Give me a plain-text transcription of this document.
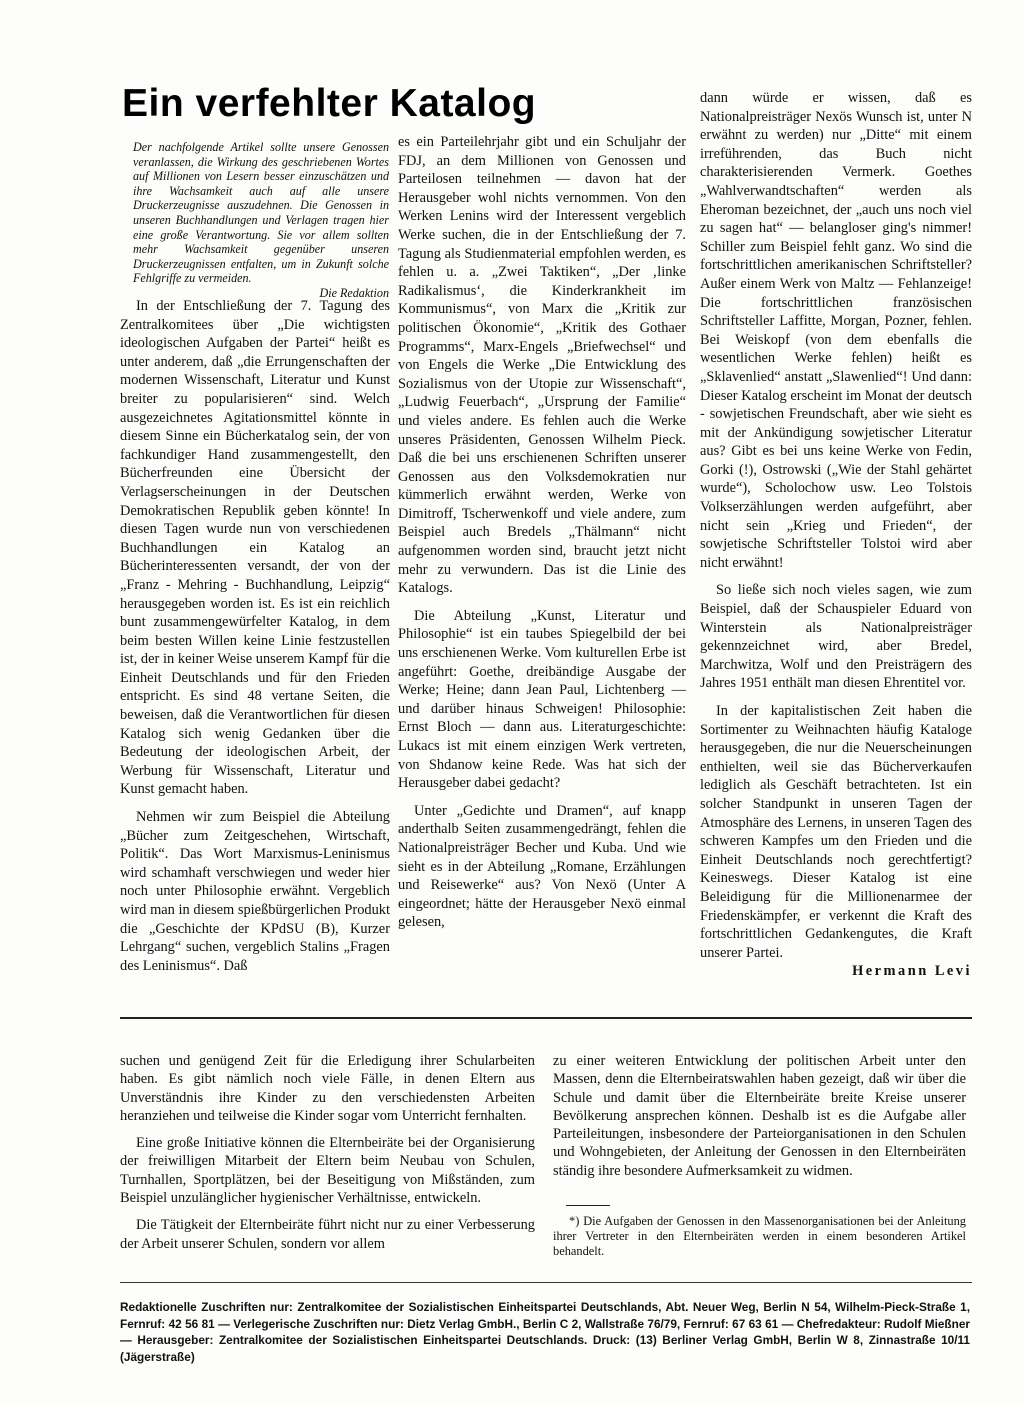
Ein verfehlter Katalog

Der nachfolgende Artikel sollte unsere Genossen veranlassen, die Wirkung des geschriebenen Wortes auf Millionen von Lesern besser einzuschätzen und ihre Wachsamkeit auch auf alle unsere Druckerzeugnisse auszudehnen. Die Genossen in unseren Buchhandlungen und Verlagen tragen hier eine große Verantwortung. Sie vor allem sollten mehr Wachsamkeit gegenüber unseren Druckerzeugnissen entfalten, um in Zukunft solche Fehlgriffe zu vermeiden.
Die Redaktion

In der Entschließung der 7. Tagung des Zentralkomitees über „Die wichtigsten ideologischen Aufgaben der Partei“ heißt es unter anderem, daß „die Errungenschaften der modernen Wissenschaft, Literatur und Kunst breiter zu popularisieren“ sind. Welch ausgezeichnetes Agitationsmittel könnte in diesem Sinne ein Bücherkatalog sein, der von fachkundiger Hand zusammengestellt, den Bücherfreunden eine Übersicht der Verlagserscheinungen in der Deutschen Demokratischen Republik geben könnte! In diesen Tagen wurde nun von verschiedenen Buchhandlungen ein Katalog an Bücherinteressenten versandt, der von der „Franz - Mehring - Buchhandlung, Leipzig“ herausgegeben worden ist. Es ist ein reichlich bunt zusammengewürfelter Katalog, in dem beim besten Willen keine Linie festzustellen ist, der in keiner Weise unserem Kampf für die Einheit Deutschlands und für den Frieden entspricht. Es sind 48 vertane Seiten, die beweisen, daß die Verantwortlichen für diesen Katalog sich wenig Gedanken über die Bedeutung der ideologischen Arbeit, der Werbung für Wissenschaft, Literatur und Kunst gemacht haben.

Nehmen wir zum Beispiel die Abteilung „Bücher zum Zeitgeschehen, Wirtschaft, Politik“. Das Wort Marxismus-Leninismus wird schamhaft verschwiegen und weder hier noch unter Philosophie erwähnt. Vergeblich wird man in diesem spießbürgerlichen Produkt die „Geschichte der KPdSU (B), Kurzer Lehrgang“ suchen, vergeblich Stalins „Fragen des Leninismus“. Daß

es ein Parteilehrjahr gibt und ein Schuljahr der FDJ, an dem Millionen von Genossen und Parteilosen teilnehmen — davon hat der Herausgeber wohl nichts vernommen. Von den Werken Lenins wird der Interessent vergeblich Werke suchen, die in der Entschließung der 7. Tagung als Studienmaterial empfohlen werden, es fehlen u. a. „Zwei Taktiken“, „Der ‚linke Radikalismus‘, die Kinderkrankheit im Kommunismus“, von Marx die „Kritik zur politischen Ökonomie“, „Kritik des Gothaer Programms“, Marx-Engels „Briefwechsel“ und von Engels die Werke „Die Entwicklung des Sozialismus von der Utopie zur Wissenschaft“, „Ludwig Feuerbach“, „Ursprung der Familie“ und vieles andere. Es fehlen auch die Werke unseres Präsidenten, Genossen Wilhelm Pieck. Daß die bei uns erschienenen Schriften unserer Genossen aus den Volksdemokratien nur kümmerlich erwähnt werden, Werke von Dimitroff, Tscherwenkoff und viele andere, zum Beispiel auch Bredels „Thälmann“ nicht aufgenommen worden sind, braucht jetzt nicht mehr zu verwundern. Das ist die Linie des Katalogs.

Die Abteilung „Kunst, Literatur und Philosophie“ ist ein taubes Spiegelbild der bei uns erschienenen Werke. Vom kulturellen Erbe ist angeführt: Goethe, dreibändige Ausgabe der Werke; Heine; dann Jean Paul, Lichtenberg — und darüber hinaus Schweigen! Philosophie: Ernst Bloch — dann aus. Literaturgeschichte: Lukacs ist mit einem einzigen Werk vertreten, von Shdanow keine Rede. Was hat sich der Herausgeber dabei gedacht?

Unter „Gedichte und Dramen“, auf knapp anderthalb Seiten zusammengedrängt, fehlen die Nationalpreisträger Becher und Kuba. Und wie sieht es in der Abteilung „Romane, Erzählungen und Reisewerke“ aus? Von Nexö (Unter A eingeordnet; hätte der Herausgeber Nexö einmal gelesen,

dann würde er wissen, daß es Nationalpreisträger Nexös Wunsch ist, unter N erwähnt zu werden) nur „Ditte“ mit einem irreführenden, das Buch nicht charakterisierenden Vermerk. Goethes „Wahlverwandtschaften“ werden als Eheroman bezeichnet, der „auch uns noch viel zu sagen hat“ — belangloser ging's nimmer! Schiller zum Beispiel fehlt ganz. Wo sind die fortschrittlichen amerikanischen Schriftsteller? Außer einem Werk von Maltz — Fehlanzeige! Die fortschrittlichen französischen Schriftsteller Laffitte, Morgan, Pozner, fehlen. Bei Weiskopf (von dem ebenfalls die wesentlichen Werke fehlen) heißt es „Sklavenlied“ anstatt „Slawenlied“! Und dann: Dieser Katalog erscheint im Monat der deutsch - sowjetischen Freundschaft, aber wie sieht es mit der Ankündigung sowjetischer Literatur aus? Gibt es bei uns keine Werke von Fedin, Gorki (!), Ostrowski („Wie der Stahl gehärtet wurde“), Scholochow usw. Leo Tolstois Volkserzählungen werden aufgeführt, aber nicht sein „Krieg und Frieden“, der sowjetische Schriftsteller Tolstoi wird aber nicht erwähnt!

So ließe sich noch vieles sagen, wie zum Beispiel, daß der Schauspieler Eduard von Winterstein als Nationalpreisträger gekennzeichnet wird, aber Bredel, Marchwitza, Wolf und den Preisträgern des Jahres 1951 enthält man diesen Ehrentitel vor.

In der kapitalistischen Zeit haben die Sortimenter zu Weihnachten häufig Kataloge herausgegeben, die nur die Neuerscheinungen enthielten, weil sie das Bücherverkaufen lediglich als Geschäft betrachteten. Ist ein solcher Standpunkt in unseren Tagen der Atmosphäre des Lernens, in unseren Tagen des schweren Kampfes um den Frieden und die Einheit Deutschlands noch gerechtfertigt? Keineswegs. Dieser Katalog ist eine Beleidigung für die Millionenarmee der Friedenskämpfer, er verkennt die Kraft des fortschrittlichen Gedankengutes, die Kraft unserer Partei.

Hermann Levi

suchen und genügend Zeit für die Erledigung ihrer Schularbeiten haben. Es gibt nämlich noch viele Fälle, in denen Eltern aus Unverständnis ihre Kinder zu den verschiedensten Arbeiten heranziehen und teilweise die Kinder sogar vom Unterricht fernhalten.

Eine große Initiative können die Elternbeiräte bei der Organisierung der freiwilligen Mitarbeit der Eltern beim Neubau von Schulen, Turnhallen, Sportplätzen, bei der Beseitigung von Mißständen, zum Beispiel unzulänglicher hygienischer Verhältnisse, entwickeln.

Die Tätigkeit der Elternbeiräte führt nicht nur zu einer Verbesserung der Arbeit unserer Schulen, sondern vor allem

zu einer weiteren Entwicklung der politischen Arbeit unter den Massen, denn die Elternbeiratswahlen haben gezeigt, daß wir über die Schule und damit über die Elternbeiräte breite Kreise unserer Bevölkerung ansprechen können. Deshalb ist es die Aufgabe aller Parteileitungen, insbesondere der Parteiorganisationen in den Schulen und Wohngebieten, der Anleitung der Genossen in den Elternbeiräten ständig ihre besondere Aufmerksamkeit zu widmen.

*) Die Aufgaben der Genossen in den Massenorganisationen bei der Anleitung ihrer Vertreter in den Elternbeiräten werden in einem besonderen Artikel behandelt.

Redaktionelle Zuschriften nur: Zentralkomitee der Sozialistischen Einheitspartei Deutschlands, Abt. Neuer Weg, Berlin N 54, Wilhelm-Pieck-Straße 1, Fernruf: 42 56 81 — Verlegerische Zuschriften nur: Dietz Verlag GmbH., Berlin C 2, Wallstraße 76/79, Fernruf: 67 63 61 — Chefredakteur: Rudolf Mießner — Herausgeber: Zentralkomitee der Sozialistischen Einheitspartei Deutschlands. Druck: (13) Berliner Verlag GmbH, Berlin W 8, Zinnastraße 10/11 (Jägerstraße)
